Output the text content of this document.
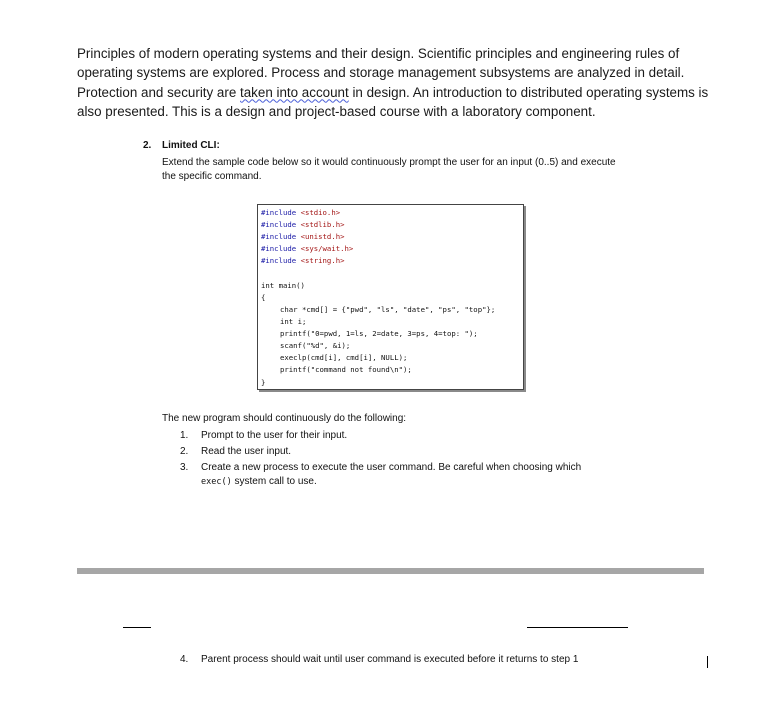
Principles of modern operating systems and their design. Scientific principles and engineering rules of operating systems are explored. Process and storage management subsystems are analyzed in detail. Protection and security are taken into account in design. An introduction to distributed operating systems is also presented. This is a design and project-based course with a laboratory component.

2. Limited CLI:
Extend the sample code below so it would continuously prompt the user for an input (0..5) and execute the specific command.
#include <stdio.h>
#include <stdlib.h>
#include <unistd.h>
#include <sys/wait.h>
#include <string.h>
int main()
{
char *cmd[] = {"pwd", "ls", "date", "ps", "top"};
int i;
printf("0=pwd, 1=ls, 2=date, 3=ps, 4=top: ");
scanf("%d", &i);
execlp(cmd[i], cmd[i], NULL);
printf("command not found\n");
}
The new program should continuously do the following:
1. Prompt to the user for their input.
2. Read the user input.
3. Create a new process to execute the user command. Be careful when choosing which
exec() system call to use.
4. Parent process should wait until user command is executed before it returns to step 1
